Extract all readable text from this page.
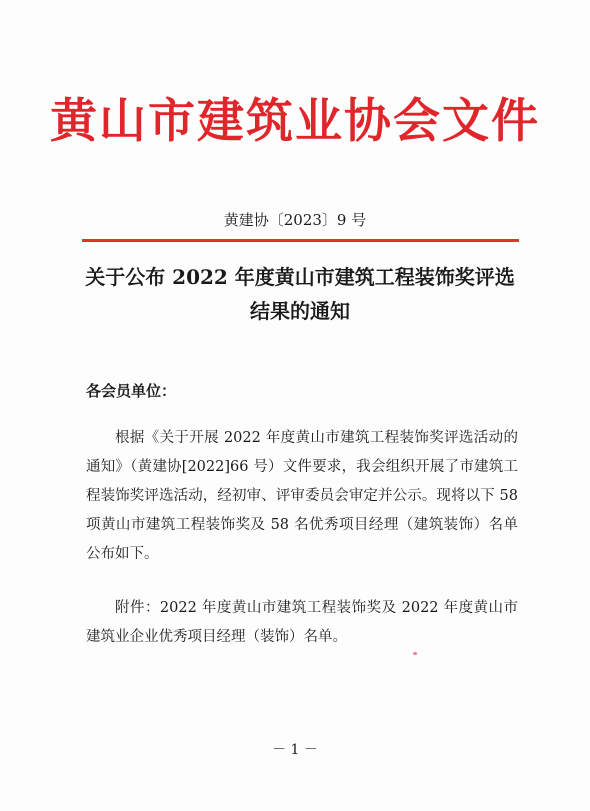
黄山市建筑业协会文件
黄建协〔2023〕9 号
关于公布 2022 年度黄山市建筑工程装饰奖评选结果的通知
各会员单位：
根据《关于开展 2022 年度黄山市建筑工程装饰奖评选活动的通知》（黄建协[2022]66 号）文件要求，我会组织开展了市建筑工程装饰奖评选活动，经初审、评审委员会审定并公示。现将以下 58 项黄山市建筑工程装饰奖及 58 名优秀项目经理（建筑装饰）名单公布如下。
附件：2022 年度黄山市建筑工程装饰奖及 2022 年度黄山市建筑业企业优秀项目经理（装饰）名单。
－ 1 －
